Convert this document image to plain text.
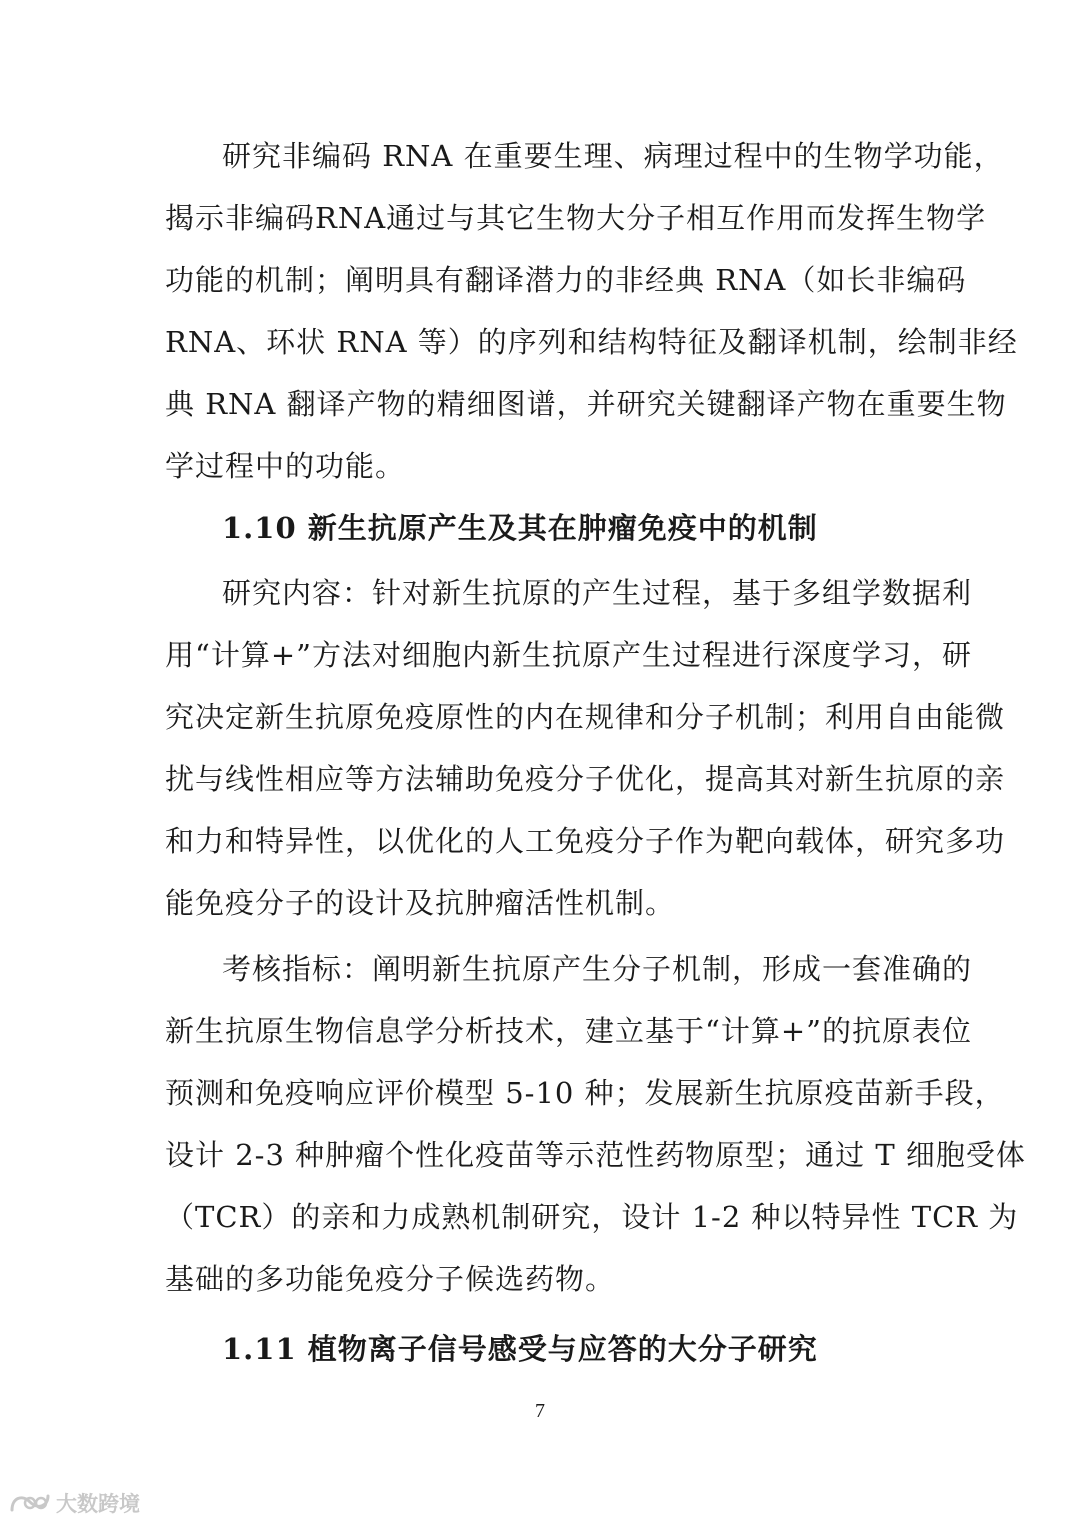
研究非编码 RNA 在重要生理、病理过程中的生物学功能，
揭示非编码RNA通过与其它生物大分子相互作用而发挥生物学
功能的机制；阐明具有翻译潜力的非经典 RNA（如长非编码
RNA、环状 RNA 等）的序列和结构特征及翻译机制，绘制非经
典 RNA 翻译产物的精细图谱，并研究关键翻译产物在重要生物
学过程中的功能。
1.10 新生抗原产生及其在肿瘤免疫中的机制
研究内容：针对新生抗原的产生过程，基于多组学数据利
用“计算+”方法对细胞内新生抗原产生过程进行深度学习，研
究决定新生抗原免疫原性的内在规律和分子机制；利用自由能微
扰与线性相应等方法辅助免疫分子优化，提高其对新生抗原的亲
和力和特异性，以优化的人工免疫分子作为靶向载体，研究多功
能免疫分子的设计及抗肿瘤活性机制。
考核指标：阐明新生抗原产生分子机制，形成一套准确的
新生抗原生物信息学分析技术，建立基于“计算+”的抗原表位
预测和免疫响应评价模型 5-10 种；发展新生抗原疫苗新手段，
设计 2-3 种肿瘤个性化疫苗等示范性药物原型；通过 T 细胞受体
（TCR）的亲和力成熟机制研究，设计 1-2 种以特异性 TCR 为
基础的多功能免疫分子候选药物。
1.11 植物离子信号感受与应答的大分子研究
7
大数跨境
